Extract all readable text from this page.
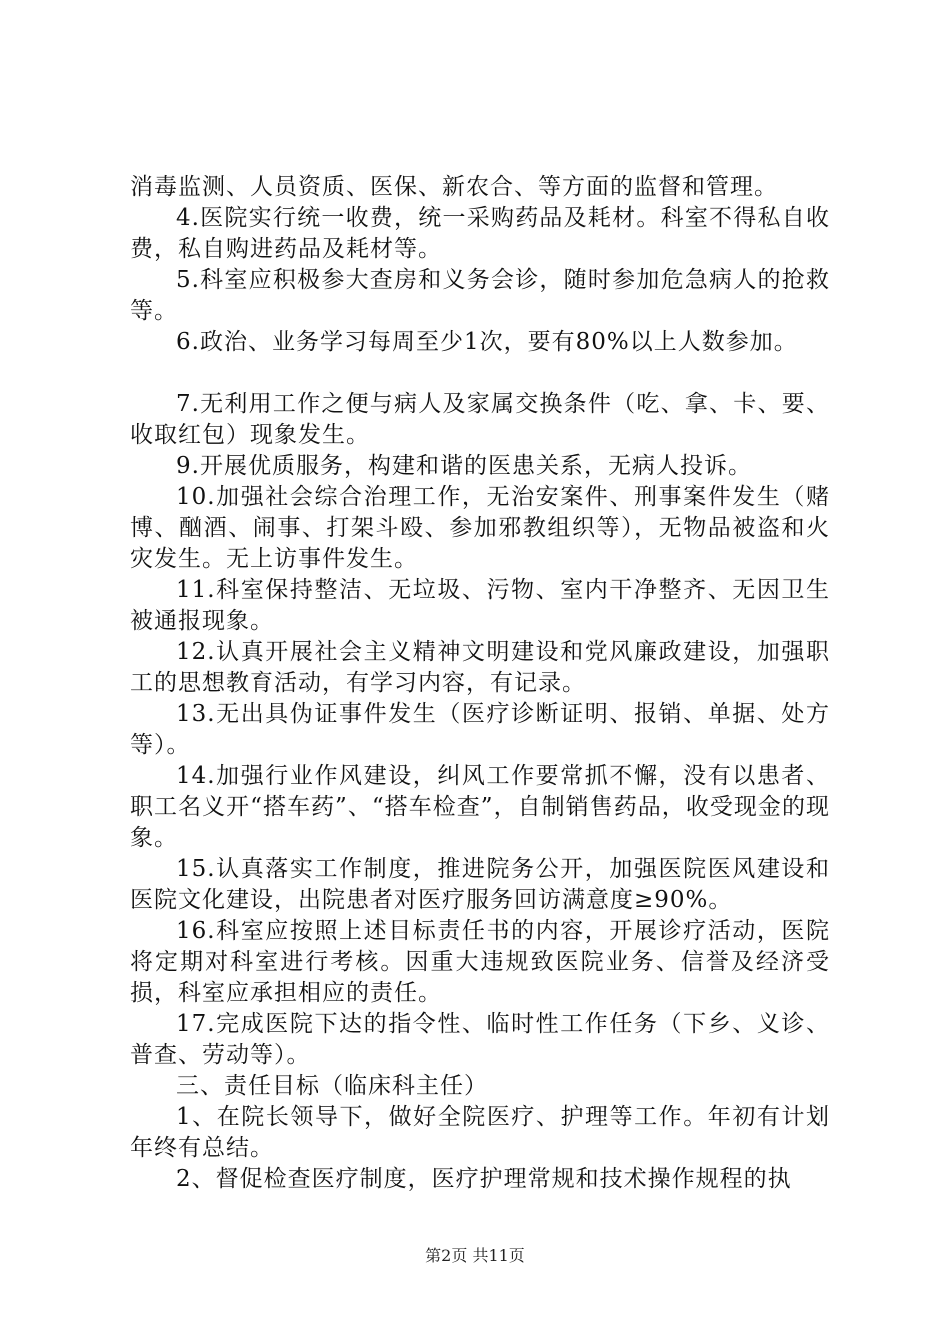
消毒监测、人员资质、医保、新农合、等方面的监督和管理。

4.医院实行统一收费，统一采购药品及耗材。科室不得私自收费，私自购进药品及耗材等。

5.科室应积极参大查房和义务会诊，随时参加危急病人的抢救等。

6.政治、业务学习每周至少1次，要有80%以上人数参加。

7.无利用工作之便与病人及家属交换条件（吃、拿、卡、要、收取红包）现象发生。

9.开展优质服务，构建和谐的医患关系，无病人投诉。

10.加强社会综合治理工作，无治安案件、刑事案件发生（赌博、酗酒、闹事、打架斗殴、参加邪教组织等），无物品被盗和火灾发生。无上访事件发生。

11.科室保持整洁、无垃圾、污物、室内干净整齐、无因卫生被通报现象。

12.认真开展社会主义精神文明建设和党风廉政建设，加强职工的思想教育活动，有学习内容，有记录。

13.无出具伪证事件发生（医疗诊断证明、报销、单据、处方等）。

14.加强行业作风建设，纠风工作要常抓不懈，没有以患者、职工名义开“搭车药”、“搭车检查”，自制销售药品，收受现金的现象。

15.认真落实工作制度，推进院务公开，加强医院医风建设和医院文化建设，出院患者对医疗服务回访满意度≥90%。

16.科室应按照上述目标责任书的内容，开展诊疗活动，医院将定期对科室进行考核。因重大违规致医院业务、信誉及经济受损，科室应承担相应的责任。

17.完成医院下达的指令性、临时性工作任务（下乡、义诊、普查、劳动等）。

三、责任目标（临床科主任）

1、在院长领导下，做好全院医疗、护理等工作。年初有计划年终有总结。

2、督促检查医疗制度，医疗护理常规和技术操作规程的执

第2页 共11页
